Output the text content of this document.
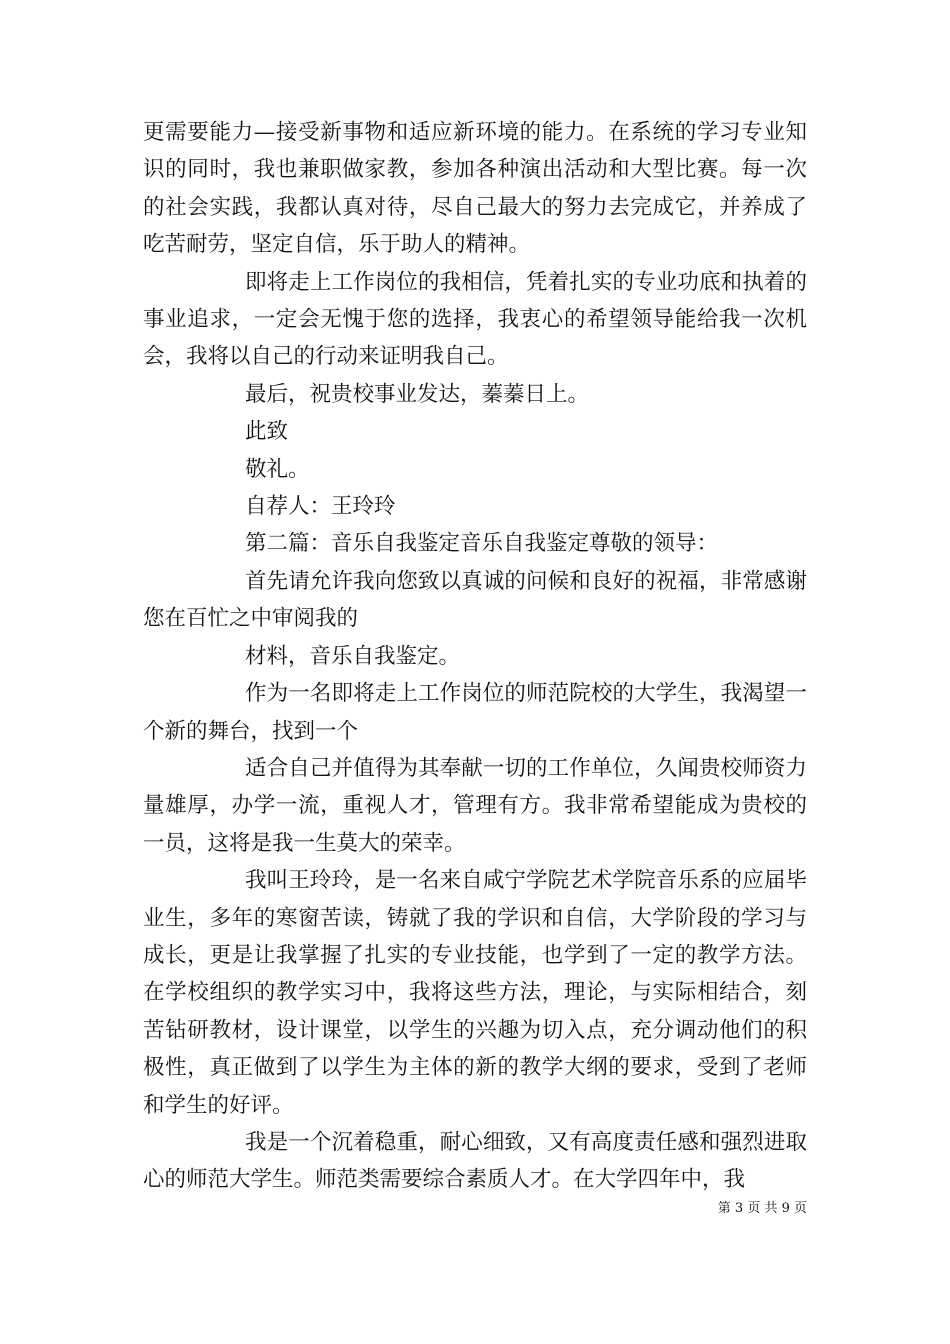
更需要能力—接受新事物和适应新环境的能力。在系统的学习专业知识的同时，我也兼职做家教，参加各种演出活动和大型比赛。每一次的社会实践，我都认真对待，尽自己最大的努力去完成它，并养成了吃苦耐劳，坚定自信，乐于助人的精神。

即将走上工作岗位的我相信，凭着扎实的专业功底和执着的事业追求，一定会无愧于您的选择，我衷心的希望领导能给我一次机会，我将以自己的行动来证明我自己。

最后，祝贵校事业发达，蓁蓁日上。

此致

敬礼。

自荐人：王玲玲

第二篇：音乐自我鉴定音乐自我鉴定尊敬的领导：

首先请允许我向您致以真诚的问候和良好的祝福，非常感谢您在百忙之中审阅我的

材料，音乐自我鉴定。

作为一名即将走上工作岗位的师范院校的大学生，我渴望一个新的舞台，找到一个

适合自己并值得为其奉献一切的工作单位，久闻贵校师资力量雄厚，办学一流，重视人才，管理有方。我非常希望能成为贵校的一员，这将是我一生莫大的荣幸。

我叫王玲玲，是一名来自咸宁学院艺术学院音乐系的应届毕业生，多年的寒窗苦读，铸就了我的学识和自信，大学阶段的学习与成长，更是让我掌握了扎实的专业技能，也学到了一定的教学方法。在学校组织的教学实习中，我将这些方法，理论，与实际相结合，刻苦钻研教材，设计课堂，以学生的兴趣为切入点，充分调动他们的积极性，真正做到了以学生为主体的新的教学大纲的要求，受到了老师和学生的好评。

我是一个沉着稳重，耐心细致，又有高度责任感和强烈进取心的师范大学生。师范类需要综合素质人才。在大学四年中，我

第 3 页 共 9 页
